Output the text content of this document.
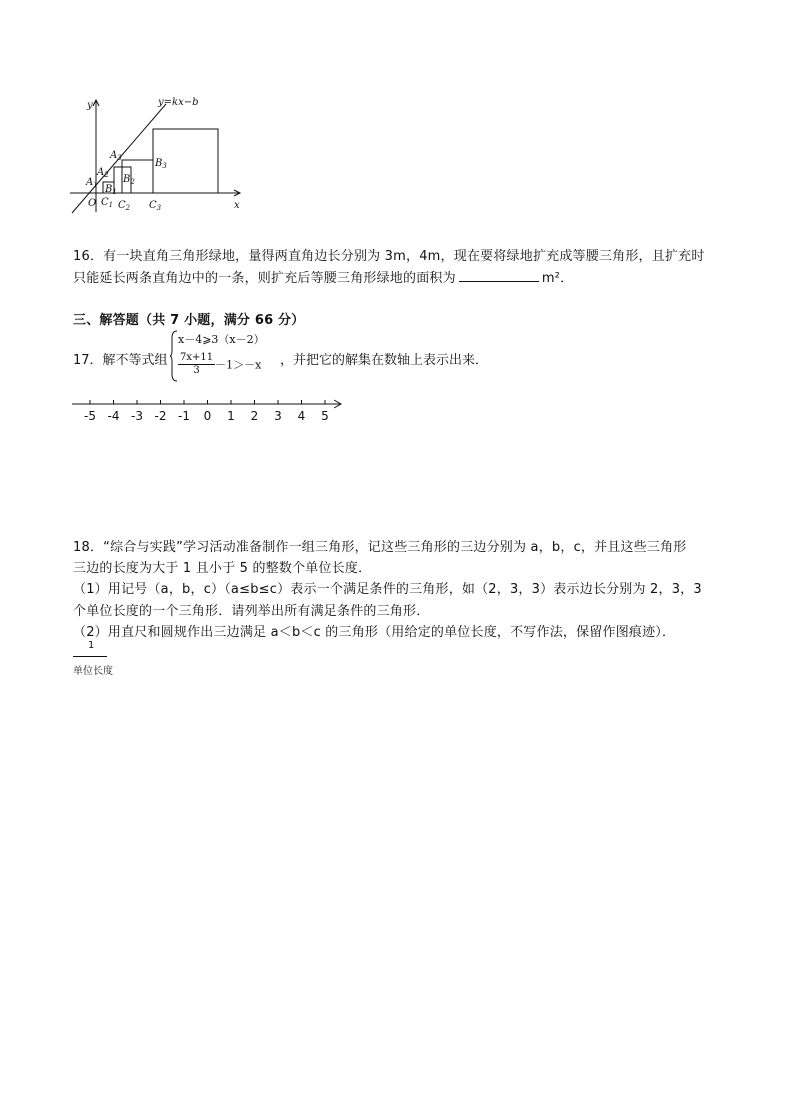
y
x
y=kx−b
O
$A_1$
$A_2$
$A_3$
$B_1$
$B_2$
$B_3$
$C_1$ $C_2$ $C_3$
16．有一块直角三角形绿地，量得两直角边长分别为 3m，4m，现在要将绿地扩充成等腰三角形，且扩充时
只能延长两条直角边中的一条，则扩充后等腰三角形绿地的面积为	m²．
三、解答题（共 7 小题，满分 66 分）
17．解不等式组
x－4⩾3（x－2）
$\frac{7x+11}{3} -1>-x$ ，并把它的解集在数轴上表示出来．
-5 -4 -3 -2 -1 0 1 2 3 4 5
18．“综合与实践”学习活动准备制作一组三角形，记这些三角形的三边分别为 a，b，c，并且这些三角形
三边的长度为大于 1 且小于 5 的整数个单位长度．
（1）用记号（a，b，c）（a≤b≤c）表示一个满足条件的三角形，如（2，3，3）表示边长分别为 2，3，3
个单位长度的一个三角形．请列举出所有满足条件的三角形．
（2）用直尺和圆规作出三边满足 a＜b＜c 的三角形（用给定的单位长度，不写作法，保留作图痕迹）．
1
单位长度
